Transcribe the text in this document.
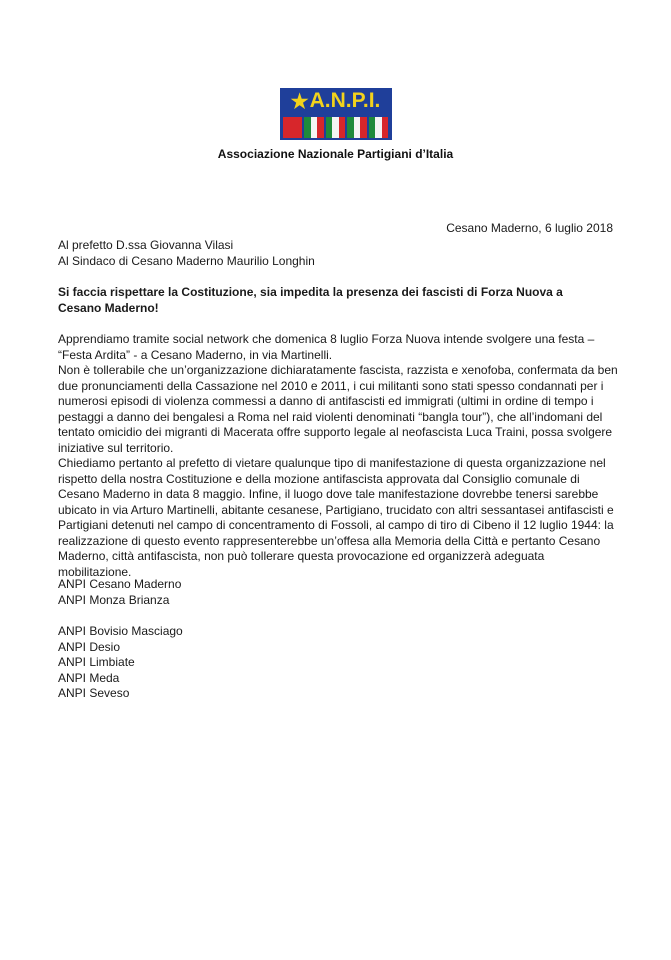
★ A.N.P.I.
Associazione Nazionale Partigiani d’Italia
Cesano Maderno, 6 luglio 2018
Al prefetto D.ssa Giovanna Vilasi
Al Sindaco di Cesano Maderno Maurilio Longhin
Si faccia rispettare la Costituzione, sia impedita la presenza dei fascisti di Forza Nuova a Cesano Maderno!

Apprendiamo tramite social network che domenica 8 luglio Forza Nuova intende svolgere una festa – “Festa Ardita” - a Cesano Maderno, in via Martinelli.

Non è tollerabile che un’organizzazione dichiaratamente fascista, razzista e xenofoba, confermata da ben due pronunciamenti della Cassazione nel 2010 e 2011, i cui militanti sono stati spesso condannati per i numerosi episodi di violenza commessi a danno di antifascisti ed immigrati (ultimi in ordine di tempo i pestaggi a danno dei bengalesi a Roma nel raid violenti denominati “bangla tour”), che all’indomani del tentato omicidio dei migranti di Macerata offre supporto legale al neofascista Luca Traini, possa svolgere iniziative sul territorio.

Chiediamo pertanto al prefetto di vietare qualunque tipo di manifestazione di questa organizzazione nel rispetto della nostra Costituzione e della mozione antifascista approvata dal Consiglio comunale di Cesano Maderno in data 8 maggio. Infine, il luogo dove tale manifestazione dovrebbe tenersi sarebbe ubicato in via Arturo Martinelli, abitante cesanese, Partigiano, trucidato con altri sessantasei antifascisti e Partigiani detenuti nel campo di concentramento di Fossoli, al campo di tiro di Cibeno il 12 luglio 1944: la realizzazione di questo evento rappresenterebbe un’offesa alla Memoria della Città e pertanto Cesano Maderno, città antifascista, non può tollerare questa provocazione ed organizzerà adeguata mobilitazione.

ANPI Cesano Maderno
ANPI Monza Brianza
ANPI Bovisio Masciago
ANPI Desio
ANPI Limbiate
ANPI Meda
ANPI Seveso
